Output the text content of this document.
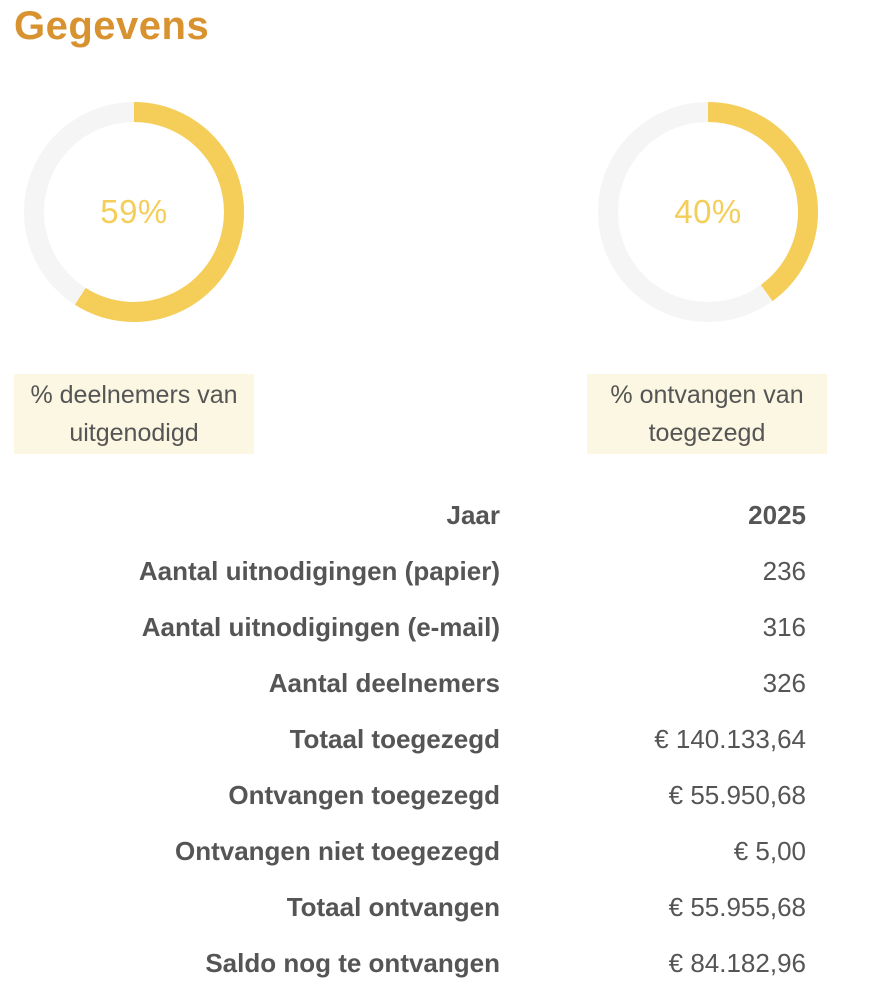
Gegevens
59%
% deelnemers van
uitgenodigd
40%
% ontvangen van
toegezegd
Jaar	2025
Aantal uitnodigingen (papier)	236
Aantal uitnodigingen (e-mail)	316
Aantal deelnemers	326
Totaal toegezegd	€ 140.133,64
Ontvangen toegezegd	€ 55.950,68
Ontvangen niet toegezegd	€ 5,00
Totaal ontvangen	€ 55.955,68
Saldo nog te ontvangen	€ 84.182,96
